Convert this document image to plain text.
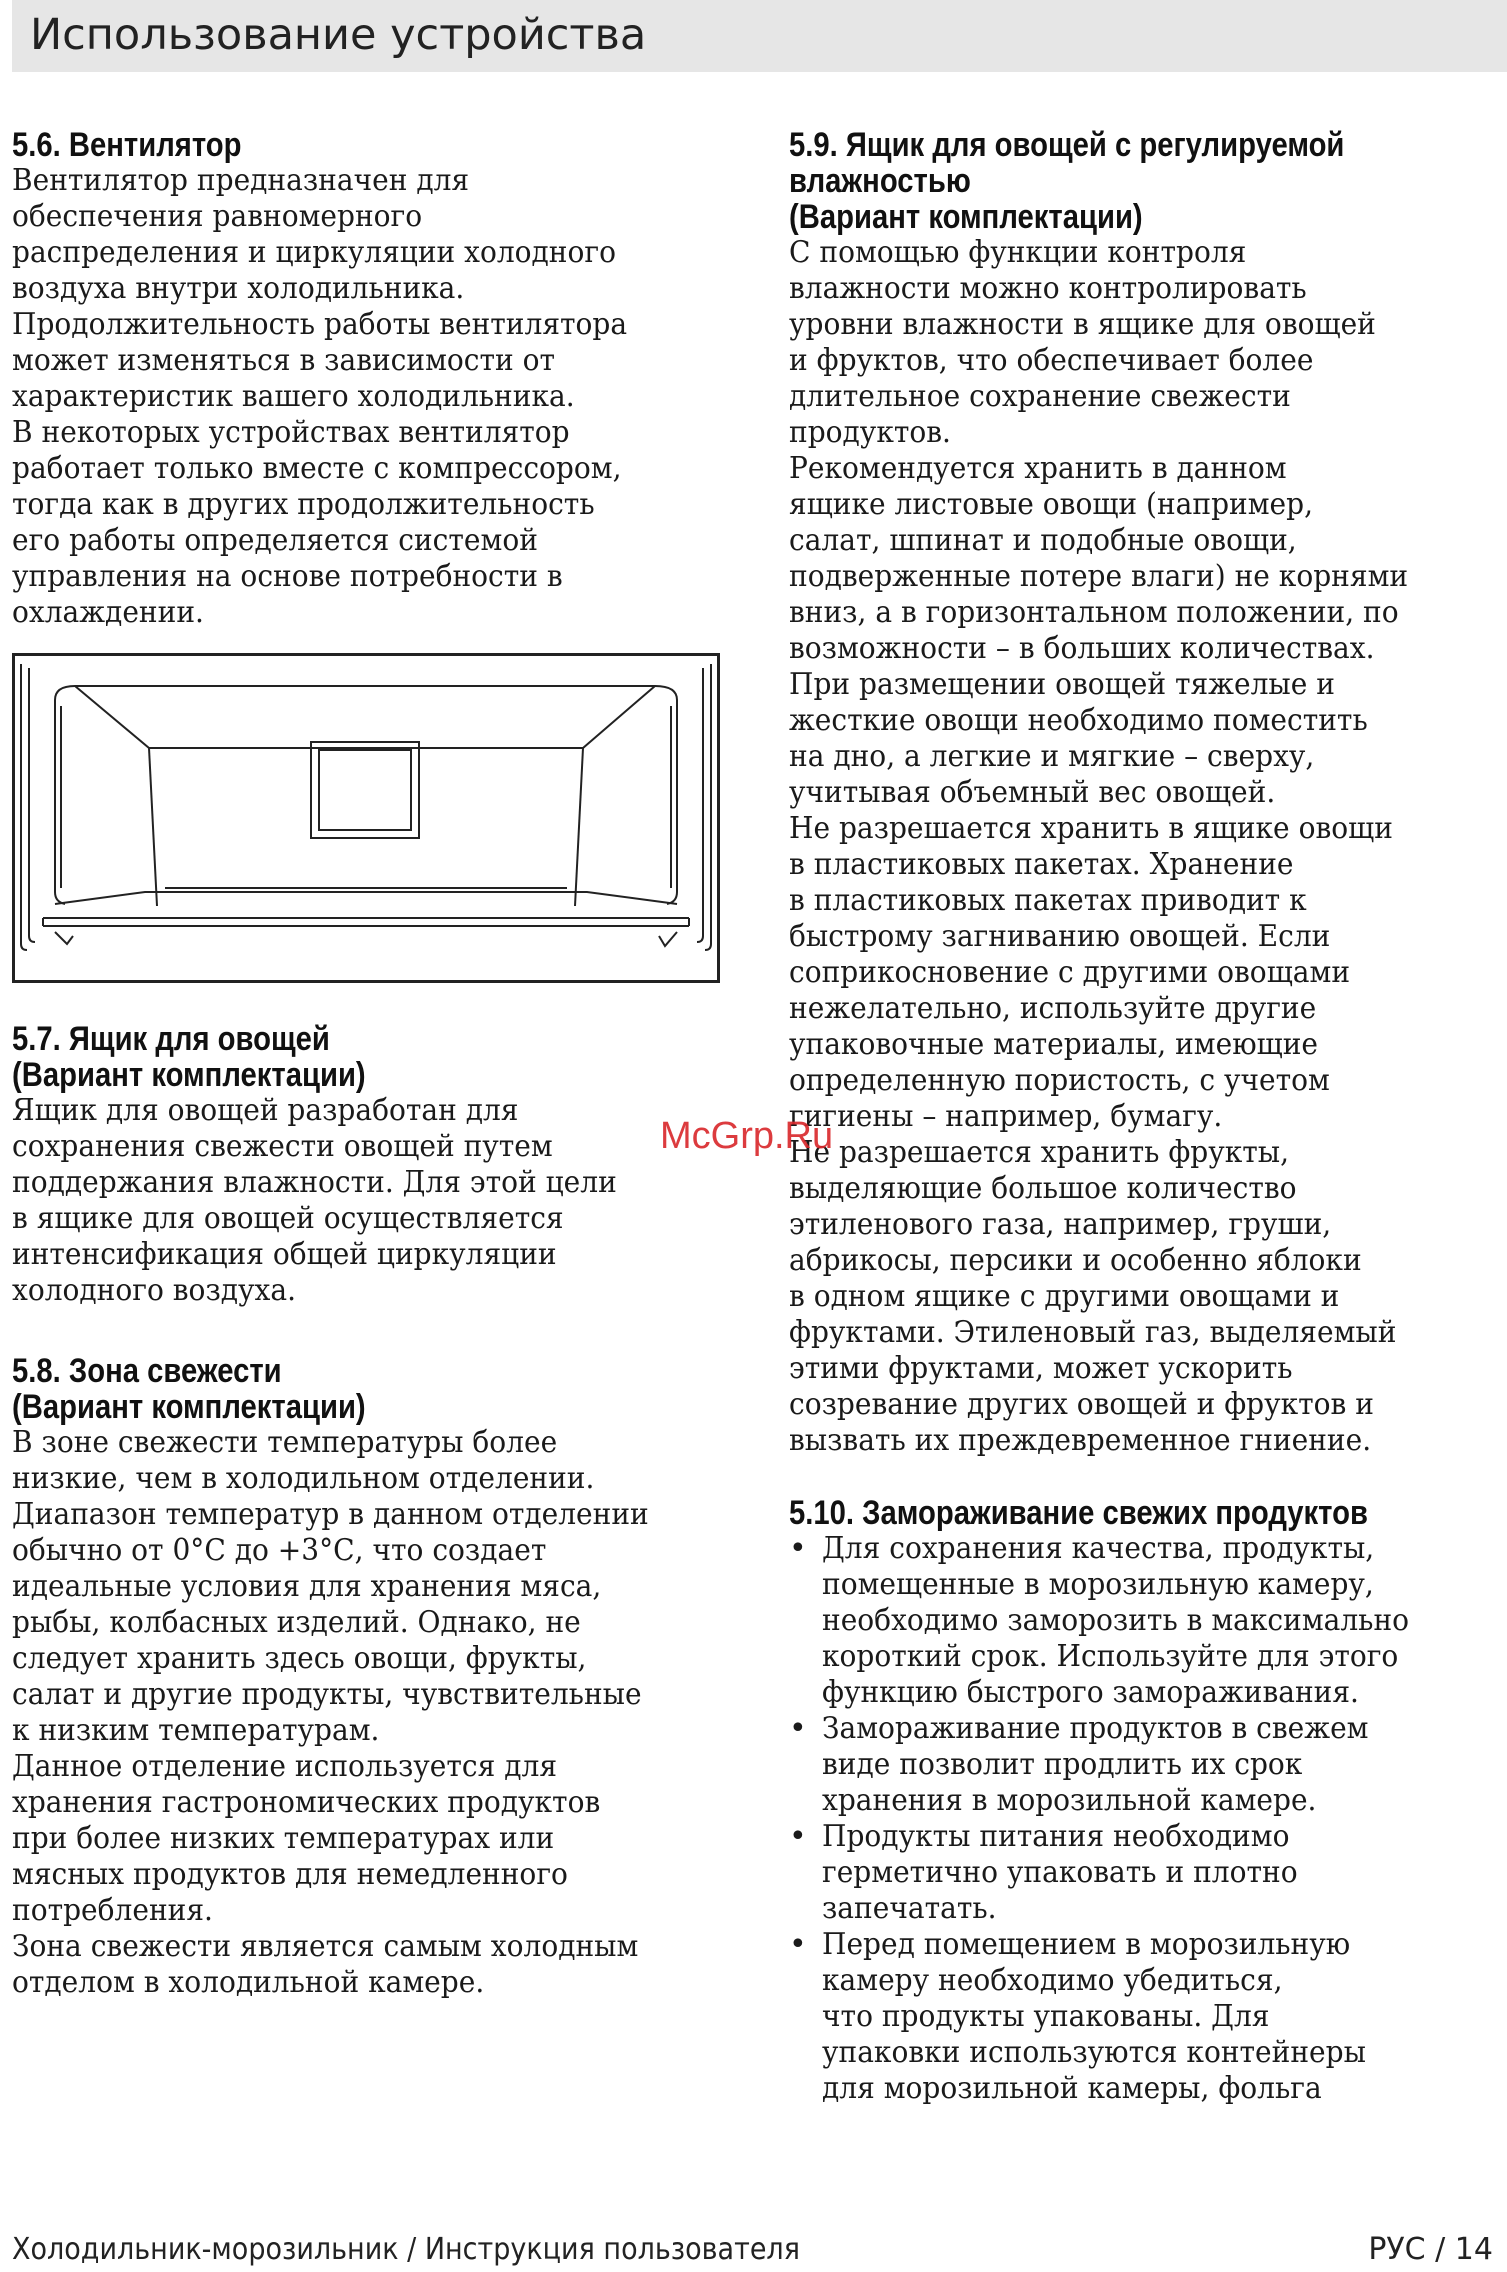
Использование устройства
5.6. Вентилятор

Вентилятор предназначен для
обеспечения равномерного
распределения и циркуляции холодного
воздуха внутри холодильника.
Продолжительность работы вентилятора
может изменяться в зависимости от
характеристик вашего холодильника.
В некоторых устройствах вентилятор
работает только вместе с компрессором,
тогда как в других продолжительность
его работы определяется системой
управления на основе потребности в
охлаждении.

5.7. Ящик для овощей
(Вариант комплектации)

Ящик для овощей разработан для
сохранения свежести овощей путем
поддержания влажности. Для этой цели
в ящике для овощей осуществляется
интенсификация общей циркуляции
холодного воздуха.

5.8. Зона свежести
(Вариант комплектации)

В зоне свежести температуры более
низкие, чем в холодильном отделении.
Диапазон температур в данном отделении
обычно от 0°С до +3°С, что создает
идеальные условия для хранения мяса,
рыбы, колбасных изделий. Однако, не
следует хранить здесь овощи, фрукты,
салат и другие продукты, чувствительные
к низким температурам.
Данное отделение используется для
хранения гастрономических продуктов
при более низких температурах или
мясных продуктов для немедленного
потребления.
Зона свежести является самым холодным
отделом в холодильной камере.

5.9. Ящик для овощей с регулируемой
влажностью
(Вариант комплектации)

С помощью функции контроля
влажности можно контролировать
уровни влажности в ящике для овощей
и фруктов, что обеспечивает более
длительное сохранение свежести
продуктов.
Рекомендуется хранить в данном
ящике листовые овощи (например,
салат, шпинат и подобные овощи,
подверженные потере влаги) не корнями
вниз, а в горизонтальном положении, по
возможности – в больших количествах.
При размещении овощей тяжелые и
жесткие овощи необходимо поместить
на дно, а легкие и мягкие – сверху,
учитывая объемный вес овощей.
Не разрешается хранить в ящике овощи
в пластиковых пакетах. Хранение
в пластиковых пакетах приводит к
быстрому загниванию овощей. Если
соприкосновение с другими овощами
нежелательно, используйте другие
упаковочные материалы, имеющие
определенную пористость, с учетом
гигиены – например, бумагу.
Не разрешается хранить фрукты,
выделяющие большое количество
этиленового газа, например, груши,
абрикосы, персики и особенно яблоки
в одном ящике с другими овощами и
фруктами. Этиленовый газ, выделяемый
этими фруктами, может ускорить
созревание других овощей и фруктов и
вызвать их преждевременное гниение.

5.10. Замораживание свежих продуктов
• Для сохранения качества, продукты,
помещенные в морозильную камеру,
необходимо заморозить в максимально
короткий срок. Используйте для этого
функцию быстрого замораживания.

• Замораживание продуктов в свежем
виде позволит продлить их срок
хранения в морозильной камере.

• Продукты питания необходимо
герметично упаковать и плотно
запечатать.

• Перед помещением в морозильную
камеру необходимо убедиться,
что продукты упакованы. Для
упаковки используются контейнеры
для морозильной камеры, фольга

McGrp.Ru
Холодильник-морозильник / Инструкция пользователя	РУС / 14
